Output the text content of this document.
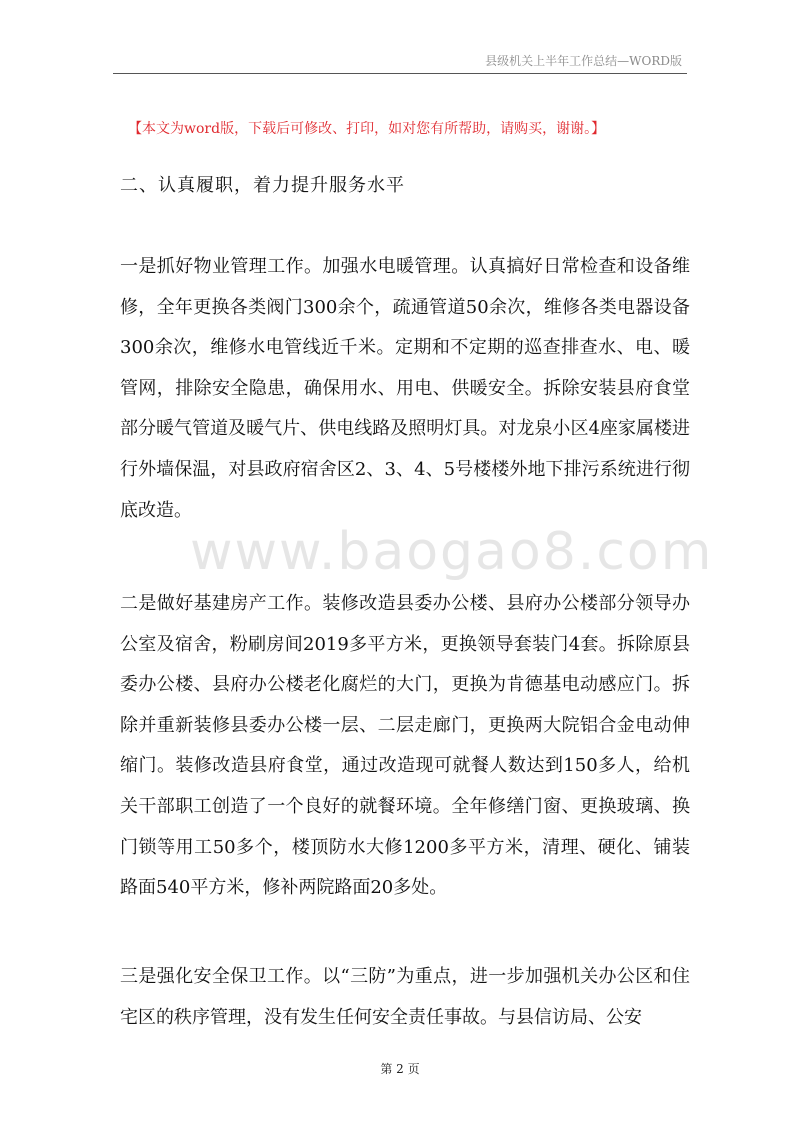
县级机关上半年工作总结—WORD版
【本文为word版，下载后可修改、打印，如对您有所帮助，请购买，谢谢。】
二、认真履职，着力提升服务水平
www.baogao8.com

一是抓好物业管理工作。加强水电暖管理。认真搞好日常检查和设备维修，全年更换各类阀门300余个，疏通管道50余次，维修各类电器设备300余次，维修水电管线近千米。定期和不定期的巡查排查水、电、暖管网，排除安全隐患，确保用水、用电、供暖安全。拆除安装县府食堂部分暖气管道及暖气片、供电线路及照明灯具。对龙泉小区4座家属楼进行外墙保温，对县政府宿舍区2、3、4、5号楼楼外地下排污系统进行彻底改造。

二是做好基建房产工作。装修改造县委办公楼、县府办公楼部分领导办公室及宿舍，粉刷房间2019多平方米，更换领导套装门4套。拆除原县委办公楼、县府办公楼老化腐烂的大门，更换为肯德基电动感应门。拆除并重新装修县委办公楼一层、二层走廊门，更换两大院铝合金电动伸缩门。装修改造县府食堂，通过改造现可就餐人数达到150多人，给机关干部职工创造了一个良好的就餐环境。全年修缮门窗、更换玻璃、换门锁等用工50多个，楼顶防水大修1200多平方米，清理、硬化、铺装路面540平方米，修补两院路面20多处。

三是强化安全保卫工作。以“三防”为重点，进一步加强机关办公区和住宅区的秩序管理，没有发生任何安全责任事故。与县信访局、公安

第 2 页
